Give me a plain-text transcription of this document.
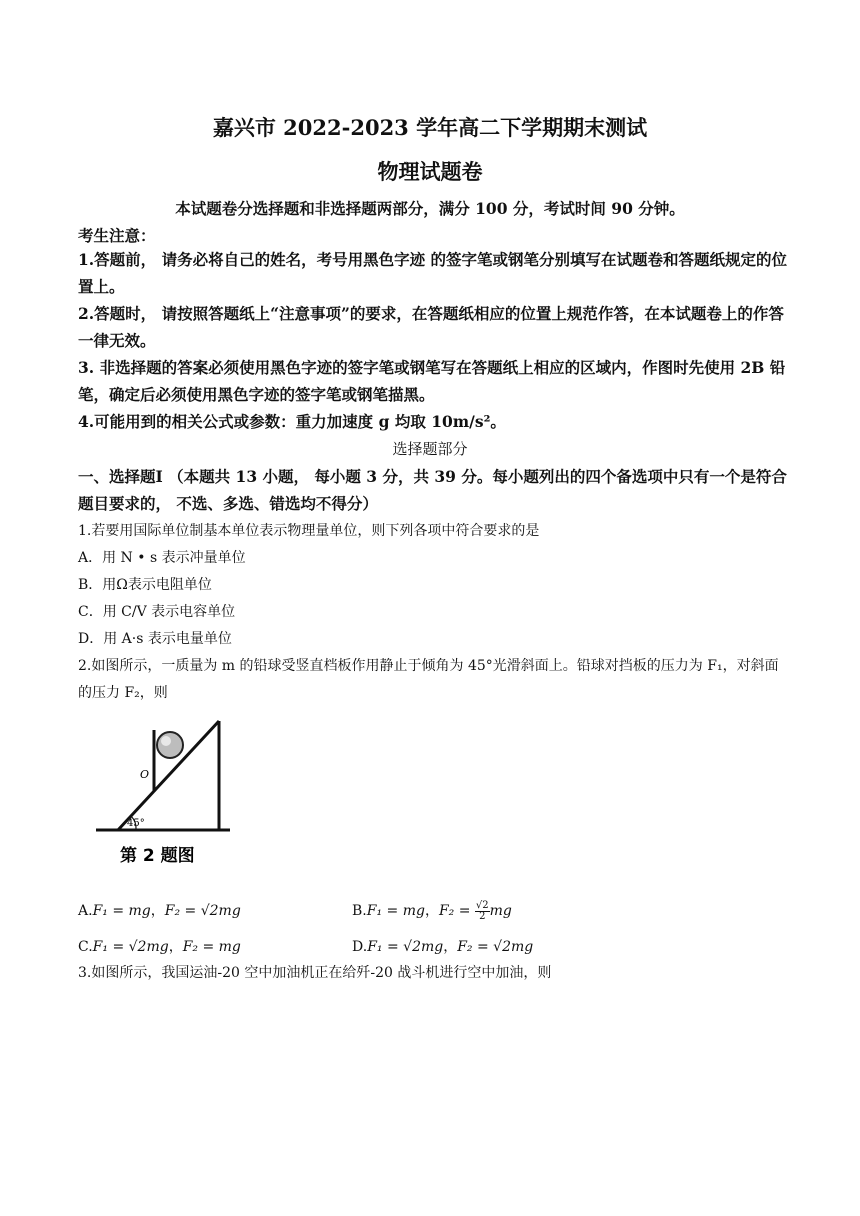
嘉兴市 2022-2023 学年高二下学期期末测试
物理试题卷
本试题卷分选择题和非选择题两部分，满分 100 分，考试时间 90 分钟。
考生注意：
1.答题前， 请务必将自己的姓名，考号用黑色字迹 的签字笔或钢笔分别填写在试题卷和答题纸规定的位置上。
2.答题时， 请按照答题纸上“注意事项”的要求，在答题纸相应的位置上规范作答，在本试题卷上的作答一律无效。
3. 非选择题的答案必须使用黑色字迹的签字笔或钢笔写在答题纸上相应的区域内，作图时先使用 2B 铅笔，确定后必须使用黑色字迹的签字笔或钢笔描黑。
4.可能用到的相关公式或参数：重力加速度 g 均取 10m/s²。
选择题部分
一、选择题I （本题共 13 小题， 每小题 3 分，共 39 分。每小题列出的四个备选项中只有一个是符合题目要求的， 不选、多选、错选均不得分）
1.若要用国际单位制基本单位表示物理量单位，则下列各项中符合要求的是
A．用 N • s 表示冲量单位
B．用Ω表示电阻单位
C．用 C/V 表示电容单位
D．用 A·s 表示电量单位
2.如图所示，一质量为 m 的铅球受竖直档板作用静止于倾角为 45°光滑斜面上。铅球对挡板的压力为 F₁，对斜面的压力 F₂，则
45°
O
第 2 题图
A.F₁ = mg，F₂ = √2mg	B.F₁ = mg，$F_2 = \frac{√2}{2}$ mg
C.F₁ = √2mg，F₂ = mg	D.F₁ = √2mg，F₂ = √2mg
3.如图所示，我国运油-20 空中加油机正在给歼-20 战斗机进行空中加油，则
